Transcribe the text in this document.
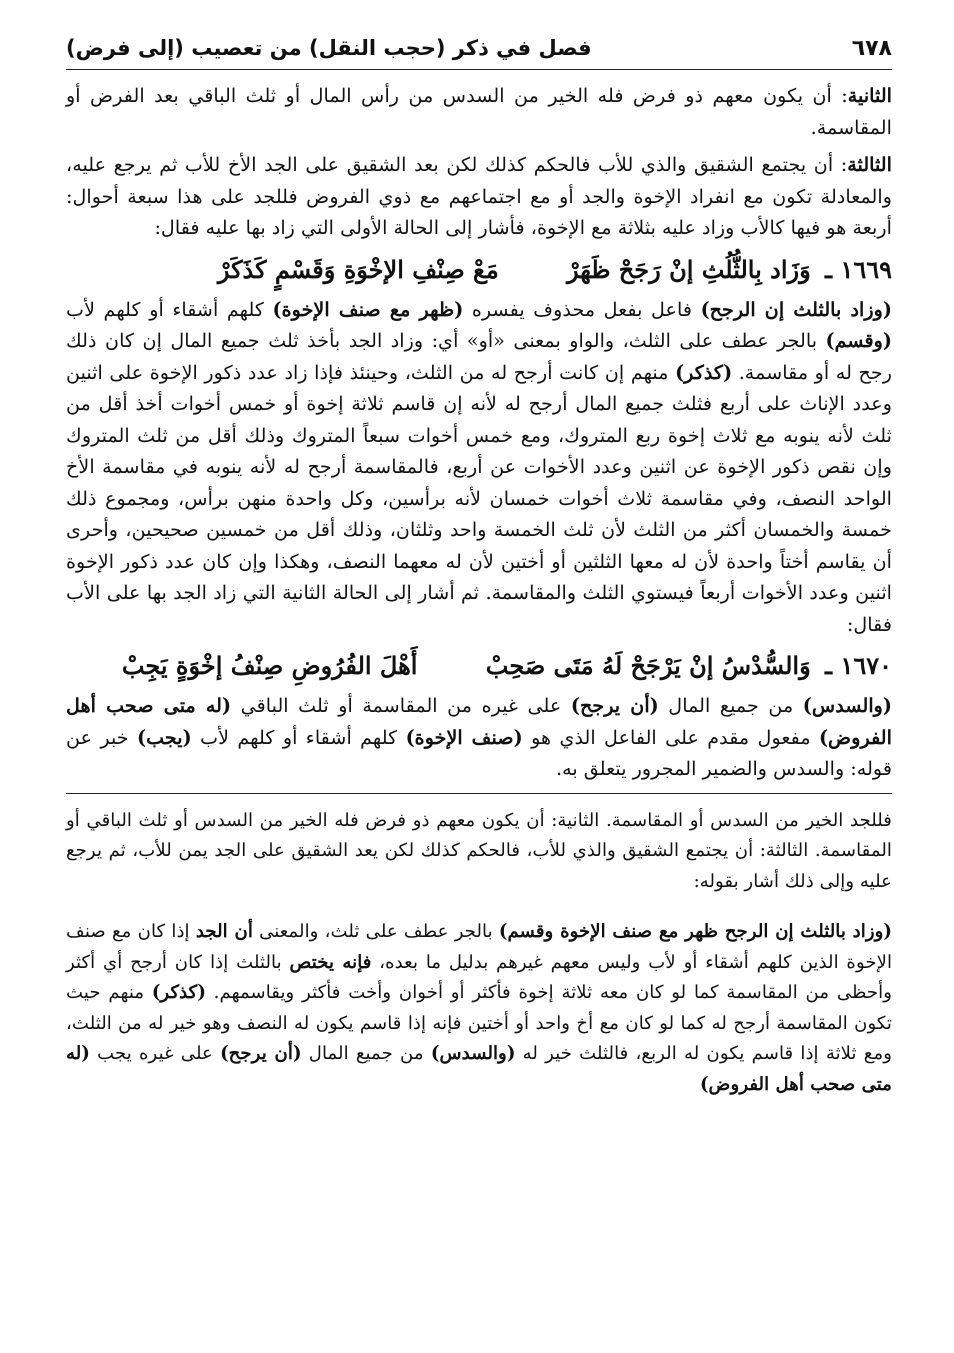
٦٧٨
فصل في ذكر (حجب النقل) من تعصيب (إلى فرض)

الثانية: أن يكون معهم ذو فرض فله الخير من السدس من رأس المال أو ثلث الباقي بعد الفرض أو المقاسمة.

الثالثة: أن يجتمع الشقيق والذي للأب فالحكم كذلك لكن بعد الشقيق على الجد الأخ للأب ثم يرجع عليه، والمعادلة تكون مع انفراد الإخوة والجد أو مع اجتماعهم مع ذوي الفروض فللجد على هذا سبعة أحوال: أربعة هو فيها كالأب وزاد عليه بثلاثة مع الإخوة، فأشار إلى الحالة الأولى التي زاد بها عليه فقال:

١٦٦٩ ـ وَزَاد بِالثُّلُثِ إنْ رَجَحْ ظَهَرْ مَعْ صِنْفِ الإخْوَةِ وَقَسْمٍ كَذَكَرْ

(وزاد بالثلث إن الرجح) فاعل بفعل محذوف يفسره (ظهر مع صنف الإخوة) كلهم أشقاء أو كلهم لأب (وقسم) بالجر عطف على الثلث، والواو بمعنى «أو» أي: وزاد الجد بأخذ ثلث جميع المال إن كان ذلك رجح له أو مقاسمة. (كذكر) منهم إن كانت أرجح له من الثلث، وحينئذ فإذا زاد عدد ذكور الإخوة على اثنين وعدد الإناث على أربع فثلث جميع المال أرجح له لأنه إن قاسم ثلاثة إخوة أو خمس أخوات أخذ أقل من ثلث لأنه ينوبه مع ثلاث إخوة ربع المتروك، ومع خمس أخوات سبعاً المتروك وذلك أقل من ثلث المتروك وإن نقص ذكور الإخوة عن اثنين وعدد الأخوات عن أربع، فالمقاسمة أرجح له لأنه ينوبه في مقاسمة الأخ الواحد النصف، وفي مقاسمة ثلاث أخوات خمسان لأنه برأسين، وكل واحدة منهن برأس، ومجموع ذلك خمسة والخمسان أكثر من الثلث لأن ثلث الخمسة واحد وثلثان، وذلك أقل من خمسين صحيحين، وأحرى أن يقاسم أختاً واحدة لأن له معها الثلثين أو أختين لأن له معهما النصف، وهكذا وإن كان عدد ذكور الإخوة اثنين وعدد الأخوات أربعاً فيستوي الثلث والمقاسمة. ثم أشار إلى الحالة الثانية التي زاد الجد بها على الأب فقال:

١٦٧٠ ـ وَالسُّدْسُ إنْ يَرْجَحْ لَهُ مَتَى صَحِبْ أَهْلَ الفُرُوضِ صِنْفُ إخْوَةٍ يَجِبْ

(والسدس) من جميع المال (أن يرجح) على غيره من المقاسمة أو ثلث الباقي (له متى صحب أهل الفروض) مفعول مقدم على الفاعل الذي هو (صنف الإخوة) كلهم أشقاء أو كلهم لأب (يجب) خبر عن قوله: والسدس والضمير المجرور يتعلق به.

فللجد الخير من السدس أو المقاسمة. الثانية: أن يكون معهم ذو فرض فله الخير من السدس أو ثلث الباقي أو المقاسمة. الثالثة: أن يجتمع الشقيق والذي للأب، فالحكم كذلك لكن يعد الشقيق على الجد يمن للأب، ثم يرجع عليه وإلى ذلك أشار بقوله:

(وزاد بالثلث إن الرجح ظهر مع صنف الإخوة وقسم) بالجر عطف على ثلث، والمعنى أن الجد إذا كان مع صنف الإخوة الذين كلهم أشقاء أو لأب وليس معهم غيرهم بدليل ما بعده، فإنه يختص بالثلث إذا كان أرجح أي أكثر وأحظى من المقاسمة كما لو كان معه ثلاثة إخوة فأكثر أو أخوان وأخت فأكثر ويقاسمهم. (كذكر) منهم حيث تكون المقاسمة أرجح له كما لو كان مع أخ واحد أو أختين فإنه إذا قاسم يكون له النصف وهو خير له من الثلث، ومع ثلاثة إذا قاسم يكون له الربع، فالثلث خير له (والسدس) من جميع المال (أن يرجح) على غيره يجب (له متى صحب أهل الفروض)
